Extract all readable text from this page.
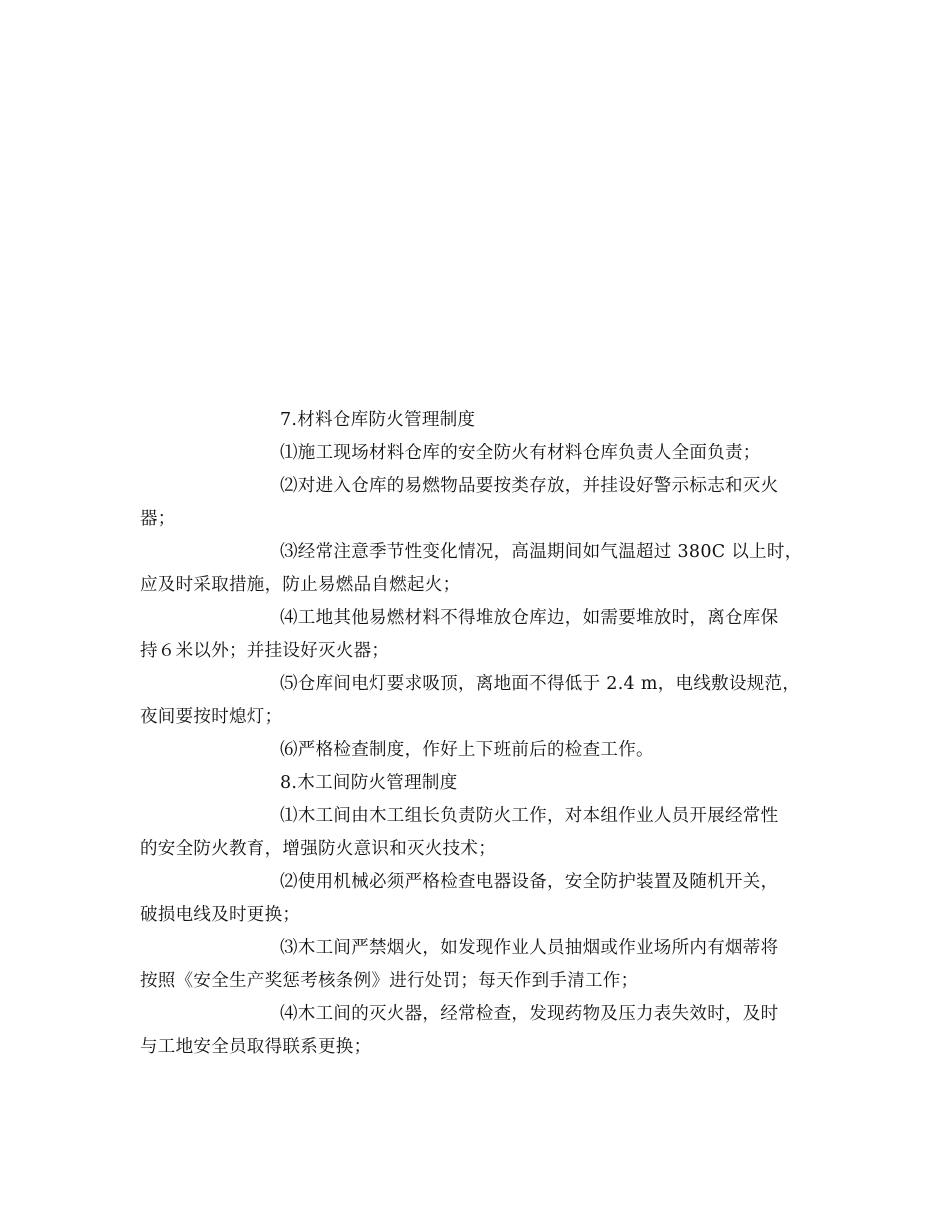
7.材料仓库防火管理制度
⑴施工现场材料仓库的安全防火有材料仓库负责人全面负责；
⑵对进入仓库的易燃物品要按类存放，并挂设好警示标志和灭火
器；
⑶经常注意季节性变化情况，高温期间如气温超过 380C 以上时，
应及时采取措施，防止易燃品自燃起火；
⑷工地其他易燃材料不得堆放仓库边，如需要堆放时，离仓库保
持６米以外；并挂设好灭火器；
⑸仓库间电灯要求吸顶，离地面不得低于 2.4 m，电线敷设规范，
夜间要按时熄灯；
⑹严格检查制度，作好上下班前后的检查工作。
8.木工间防火管理制度
⑴木工间由木工组长负责防火工作，对本组作业人员开展经常性
的安全防火教育，增强防火意识和灭火技术；
⑵使用机械必须严格检查电器设备，安全防护装置及随机开关，
破损电线及时更换；
⑶木工间严禁烟火，如发现作业人员抽烟或作业场所内有烟蒂将
按照《安全生产奖惩考核条例》进行处罚；每天作到手清工作；
⑷木工间的灭火器，经常检查，发现药物及压力表失效时，及时
与工地安全员取得联系更换；
